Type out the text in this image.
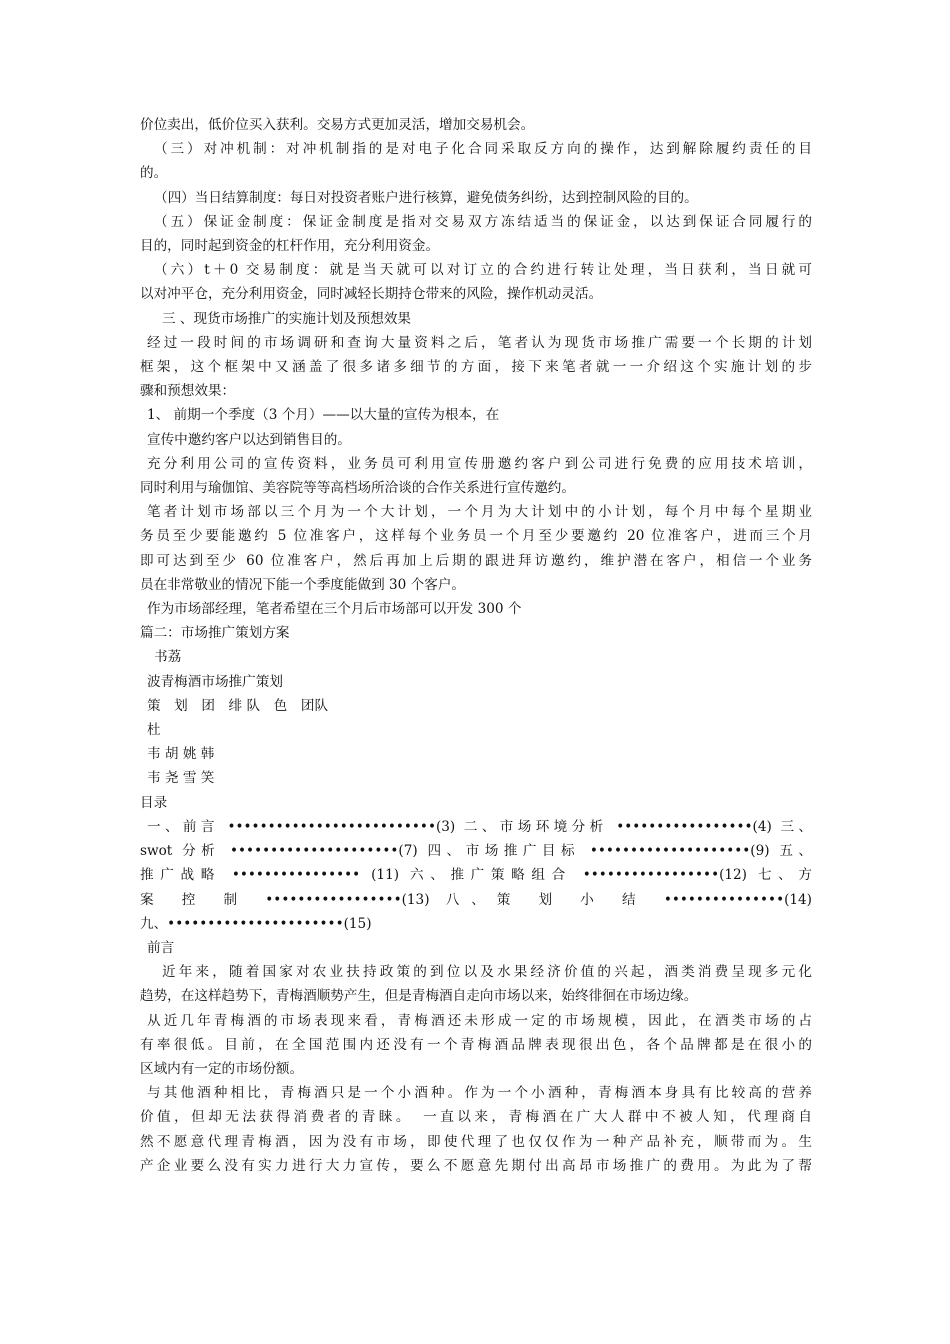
价位卖出，低价位买入获利。交易方式更加灵活，增加交易机会。
（三）对冲机制：对冲机制指的是对电子化合同采取反方向的操作，达到解除履约责任的目
的。
（四）当日结算制度：每日对投资者账户进行核算，避免债务纠纷，达到控制风险的目的。
（五）保证金制度：保证金制度是指对交易双方冻结适当的保证金，以达到保证合同履行的
目的，同时起到资金的杠杆作用，充分利用资金。
（六）t＋0 交易制度：就是当天就可以对订立的合约进行转让处理，当日获利，当日就可
以对冲平仓，充分利用资金，同时减轻长期持仓带来的风险，操作机动灵活。
三 、现货市场推广的实施计划及预想效果
经过一段时间的市场调研和查询大量资料之后，笔者认为现货市场推广需要一个长期的计划
框架，这个框架中又涵盖了很多诸多细节的方面，接下来笔者就一一介绍这个实施计划的步
骤和预想效果：
1、 前期一个季度（3 个月）——以大量的宣传为根本，在
宣传中邀约客户以达到销售目的。
充分利用公司的宣传资料，业务员可利用宣传册邀约客户到公司进行免费的应用技术培训，
同时利用与瑜伽馆、美容院等等高档场所洽谈的合作关系进行宣传邀约。
笔者计划市场部以三个月为一个大计划，一个月为大计划中的小计划，每个月中每个星期业
务员至少要能邀约 5 位准客户，这样每个业务员一个月至少要邀约 20 位准客户，进而三个月
即可达到至少 60 位准客户，然后再加上后期的跟进拜访邀约，维护潜在客户，相信一个业务
员在非常敬业的情况下能一个季度能做到 30 个客户。
作为市场部经理，笔者希望在三个月后市场部可以开发 300 个
篇二：市场推广策划方案
书荔
波青梅酒市场推广策划
策　划　团　绯 队　色　团队
杜
韦 胡 姚 韩
韦 尧 雪 笑
目录
一、前言 ••••••••••••••••••••••••••(3) 二、市场环境分析 •••••••••••••••••(4) 三、
swot 分析 •••••••••••••••••••••(7) 四、市场推广目标 ••••••••••••••••••••(9) 五、
推广战略 •••••••••••••••• (11) 六、推广策略组合 •••••••••••••••••(12) 七、方
案 控 制 •••••••••••••••••(13) 八、策 划 小 结 •••••••••••••••(14)
九、••••••••••••••••••••••(15)
前言
近年来，随着国家对农业扶持政策的到位以及水果经济价值的兴起，酒类消费呈现多元化
趋势，在这样趋势下，青梅酒顺势产生，但是青梅酒自走向市场以来，始终徘徊在市场边缘。
从近几年青梅酒的市场表现来看，青梅酒还未形成一定的市场规模，因此，在酒类市场的占
有率很低。目前，在全国范围内还没有一个青梅酒品牌表现很出色，各个品牌都是在很小的
区域内有一定的市场份额。
与其他酒种相比，青梅酒只是一个小酒种。作为一个小酒种，青梅酒本身具有比较高的营养
价值，但却无法获得消费者的青睐。　一直以来，青梅酒在广大人群中不被人知，代理商自
然不愿意代理青梅酒，因为没有市场，即使代理了也仅仅作为一种产品补充，顺带而为。生
产企业要么没有实力进行大力宣传，要么不愿意先期付出高昂市场推广的费用。为此为了帮
